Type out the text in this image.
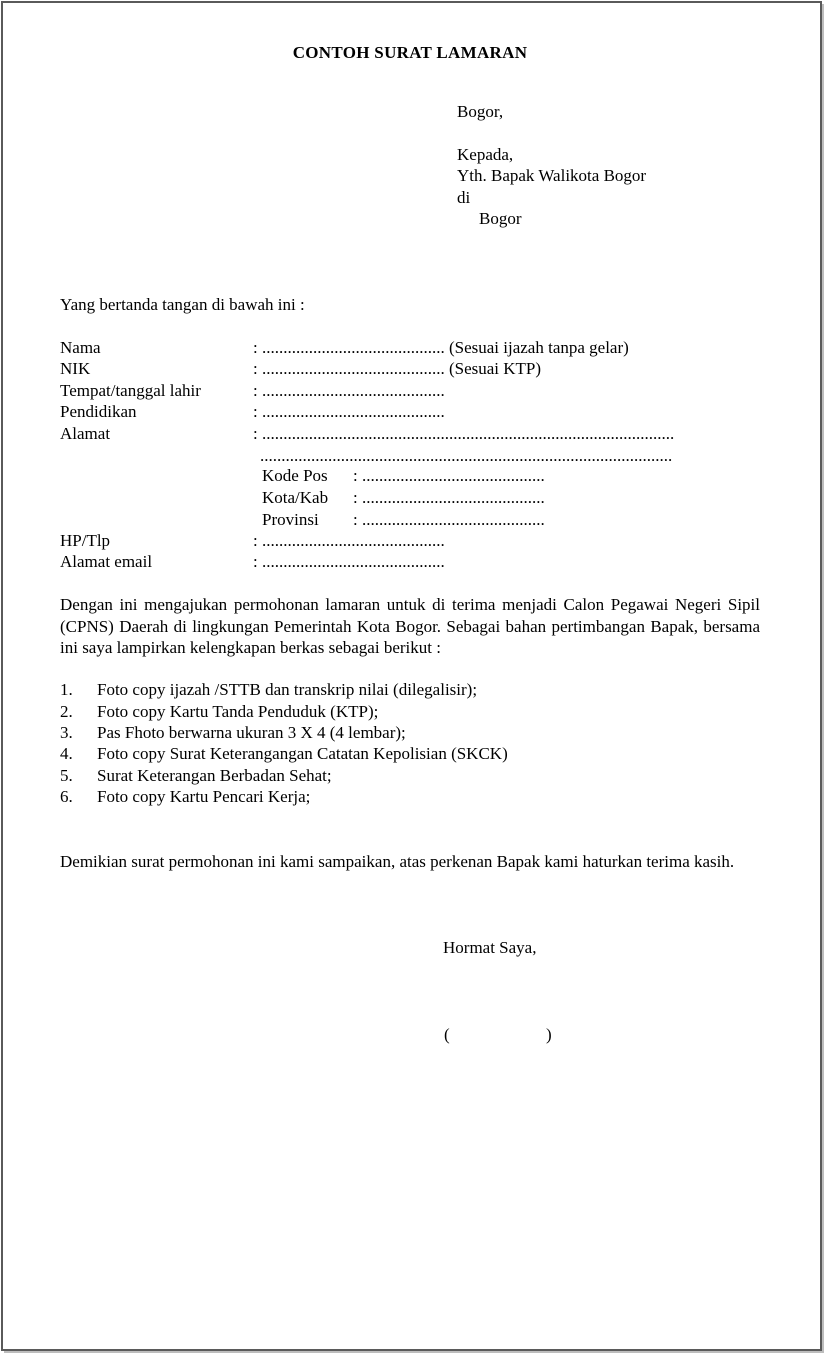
CONTOH SURAT LAMARAN
Bogor,
Kepada,
Yth. Bapak Walikota Bogor
di
Bogor
Yang bertanda tangan di bawah ini :
Nama	: ........................................... (Sesuai ijazah tanpa gelar)
NIK	: ........................................... (Sesuai KTP)
Tempat/tanggal lahir	: ...........................................
Pendidikan	: ...........................................
Alamat	: .................................................................................................
.................................................................................................
Kode Pos : ...........................................
Kota/Kab : ...........................................
Provinsi : ...........................................
HP/Tlp	: ...........................................
Alamat email	: ...........................................
Dengan ini mengajukan permohonan lamaran untuk di terima menjadi Calon Pegawai Negeri Sipil (CPNS) Daerah di lingkungan Pemerintah Kota Bogor. Sebagai bahan pertimbangan Bapak, bersama ini saya lampirkan kelengkapan berkas sebagai berikut :
1. Foto copy ijazah /STTB dan transkrip nilai (dilegalisir);
2. Foto copy Kartu Tanda Penduduk (KTP);
3. Pas Fhoto berwarna ukuran 3 X 4 (4 lembar);
4. Foto copy Surat Keterangangan Catatan Kepolisian (SKCK)
5. Surat Keterangan Berbadan Sehat;
6. Foto copy Kartu Pencari Kerja;
Demikian surat permohonan ini kami sampaikan, atas perkenan Bapak kami haturkan terima kasih.
Hormat Saya,
(	)
